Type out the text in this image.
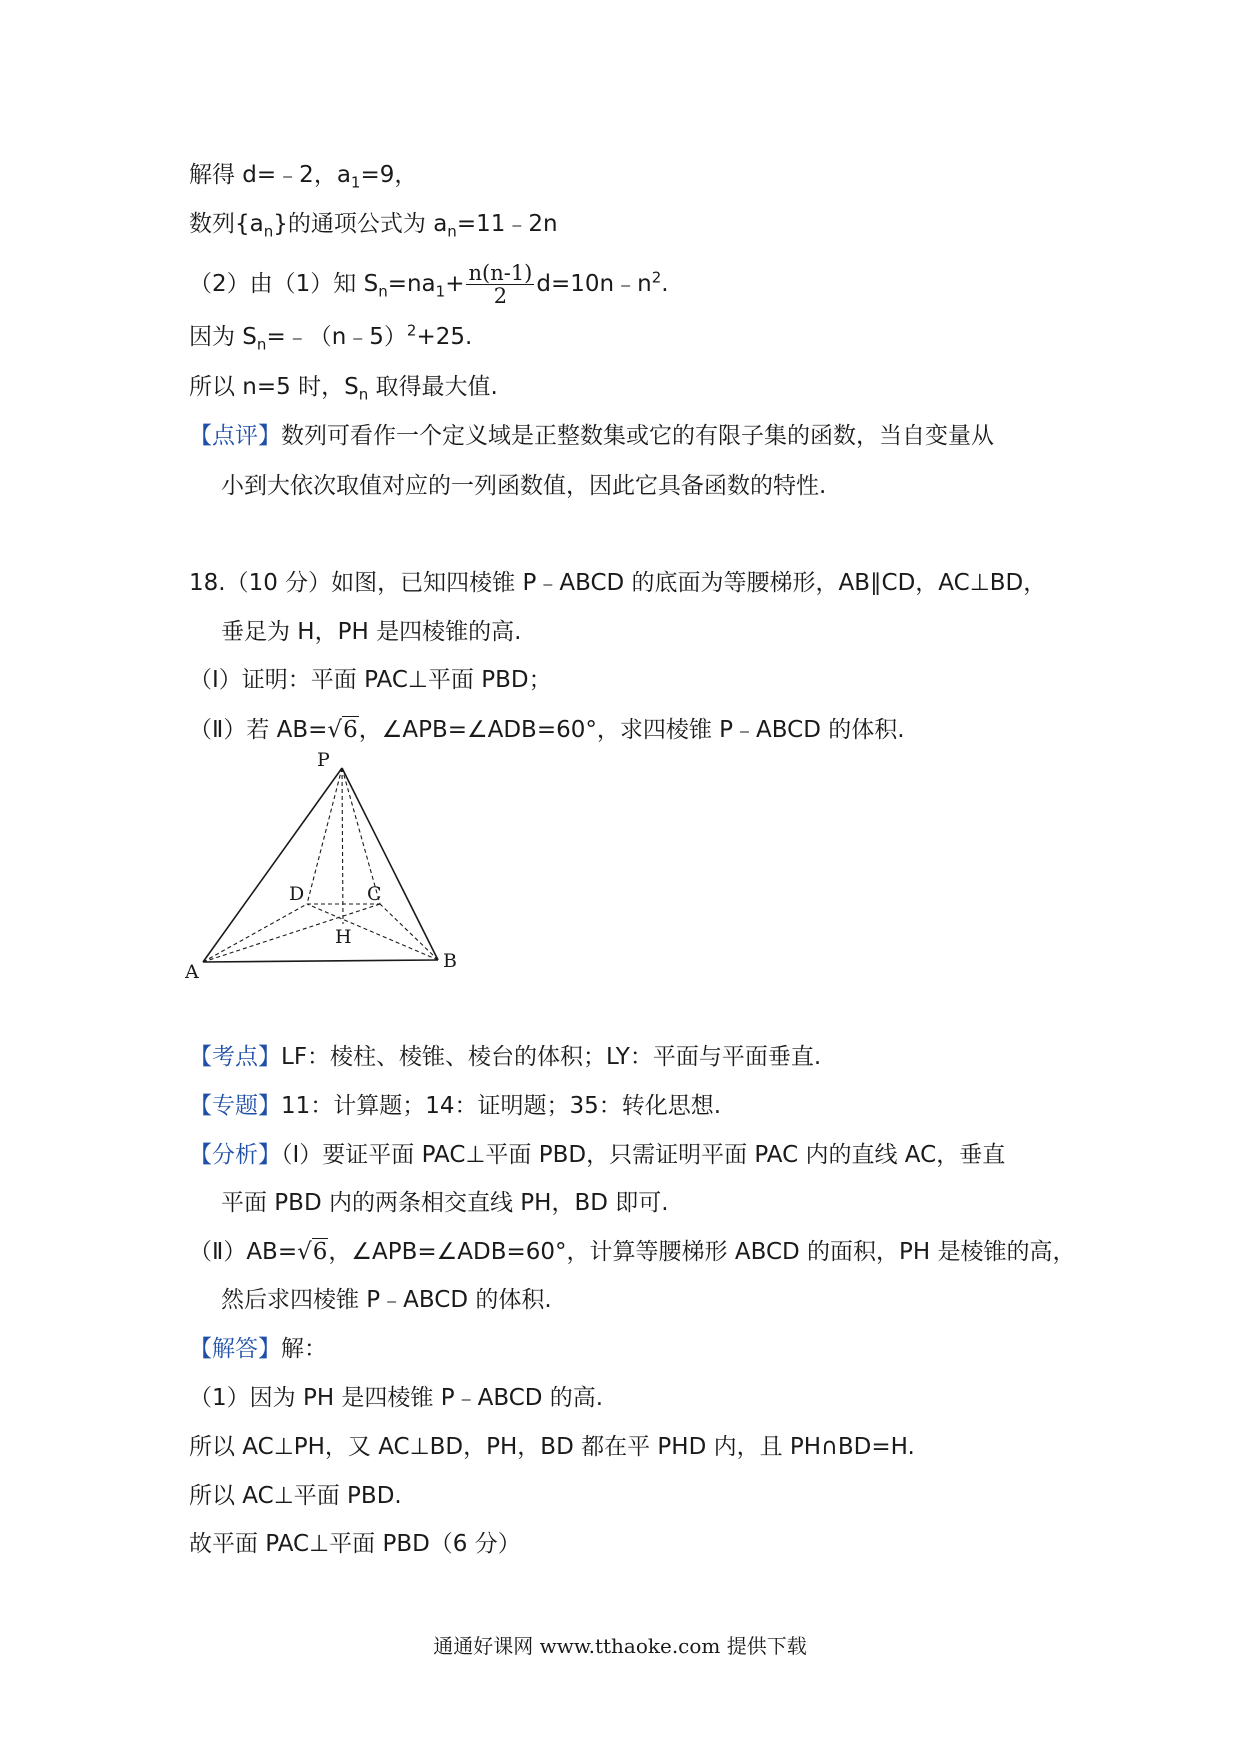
解得 d=﹣2，$a_1=9$，
数列$\{a_n\}$的通项公式为 $a_n=11﹣2n$
（2）由（1）知 $S_n=na_1+ \frac{n(n-1)}{2}$ $d=10n﹣n^2$.
因为 $S_n=﹣(n﹣5)^2+25$.
所以 n=5 时，$S_n$ 取得最大值.
【点评】数列可看作一个定义域是正整数集或它的有限子集的函数，当自变量从
小到大依次取值对应的一列函数值，因此它具备函数的特性.
18.（10 分）如图，已知四棱锥 P﹣ABCD 的底面为等腰梯形，AB∥CD，AC⊥BD，
垂足为 H，PH 是四棱锥的高.
（Ⅰ）证明：平面 PAC⊥平面 PBD；
（Ⅱ）若 AB=√6，∠APB=∠ADB=60°，求四棱锥 P﹣ABCD 的体积.
P
D	C
H
A	B
【考点】LF：棱柱、棱锥、棱台的体积；LY：平面与平面垂直.
【专题】11：计算题；14：证明题；35：转化思想.
【分析】（Ⅰ）要证平面 PAC⊥平面 PBD，只需证明平面 PAC 内的直线 AC，垂直
平面 PBD 内的两条相交直线 PH，BD 即可.
（Ⅱ）AB=√6，∠APB=∠ADB=60°，计算等腰梯形 ABCD 的面积，PH 是棱锥的高，
然后求四棱锥 P﹣ABCD 的体积.
【解答】解：
（1）因为 PH 是四棱锥 P﹣ABCD 的高.
所以 AC⊥PH，又 AC⊥BD，PH，BD 都在平 PHD 内，且 PH∩BD=H.
所以 AC⊥平面 PBD.
故平面 PAC⊥平面 PBD（6 分）
通通好课网 www.tthaoke.com 提供下载
